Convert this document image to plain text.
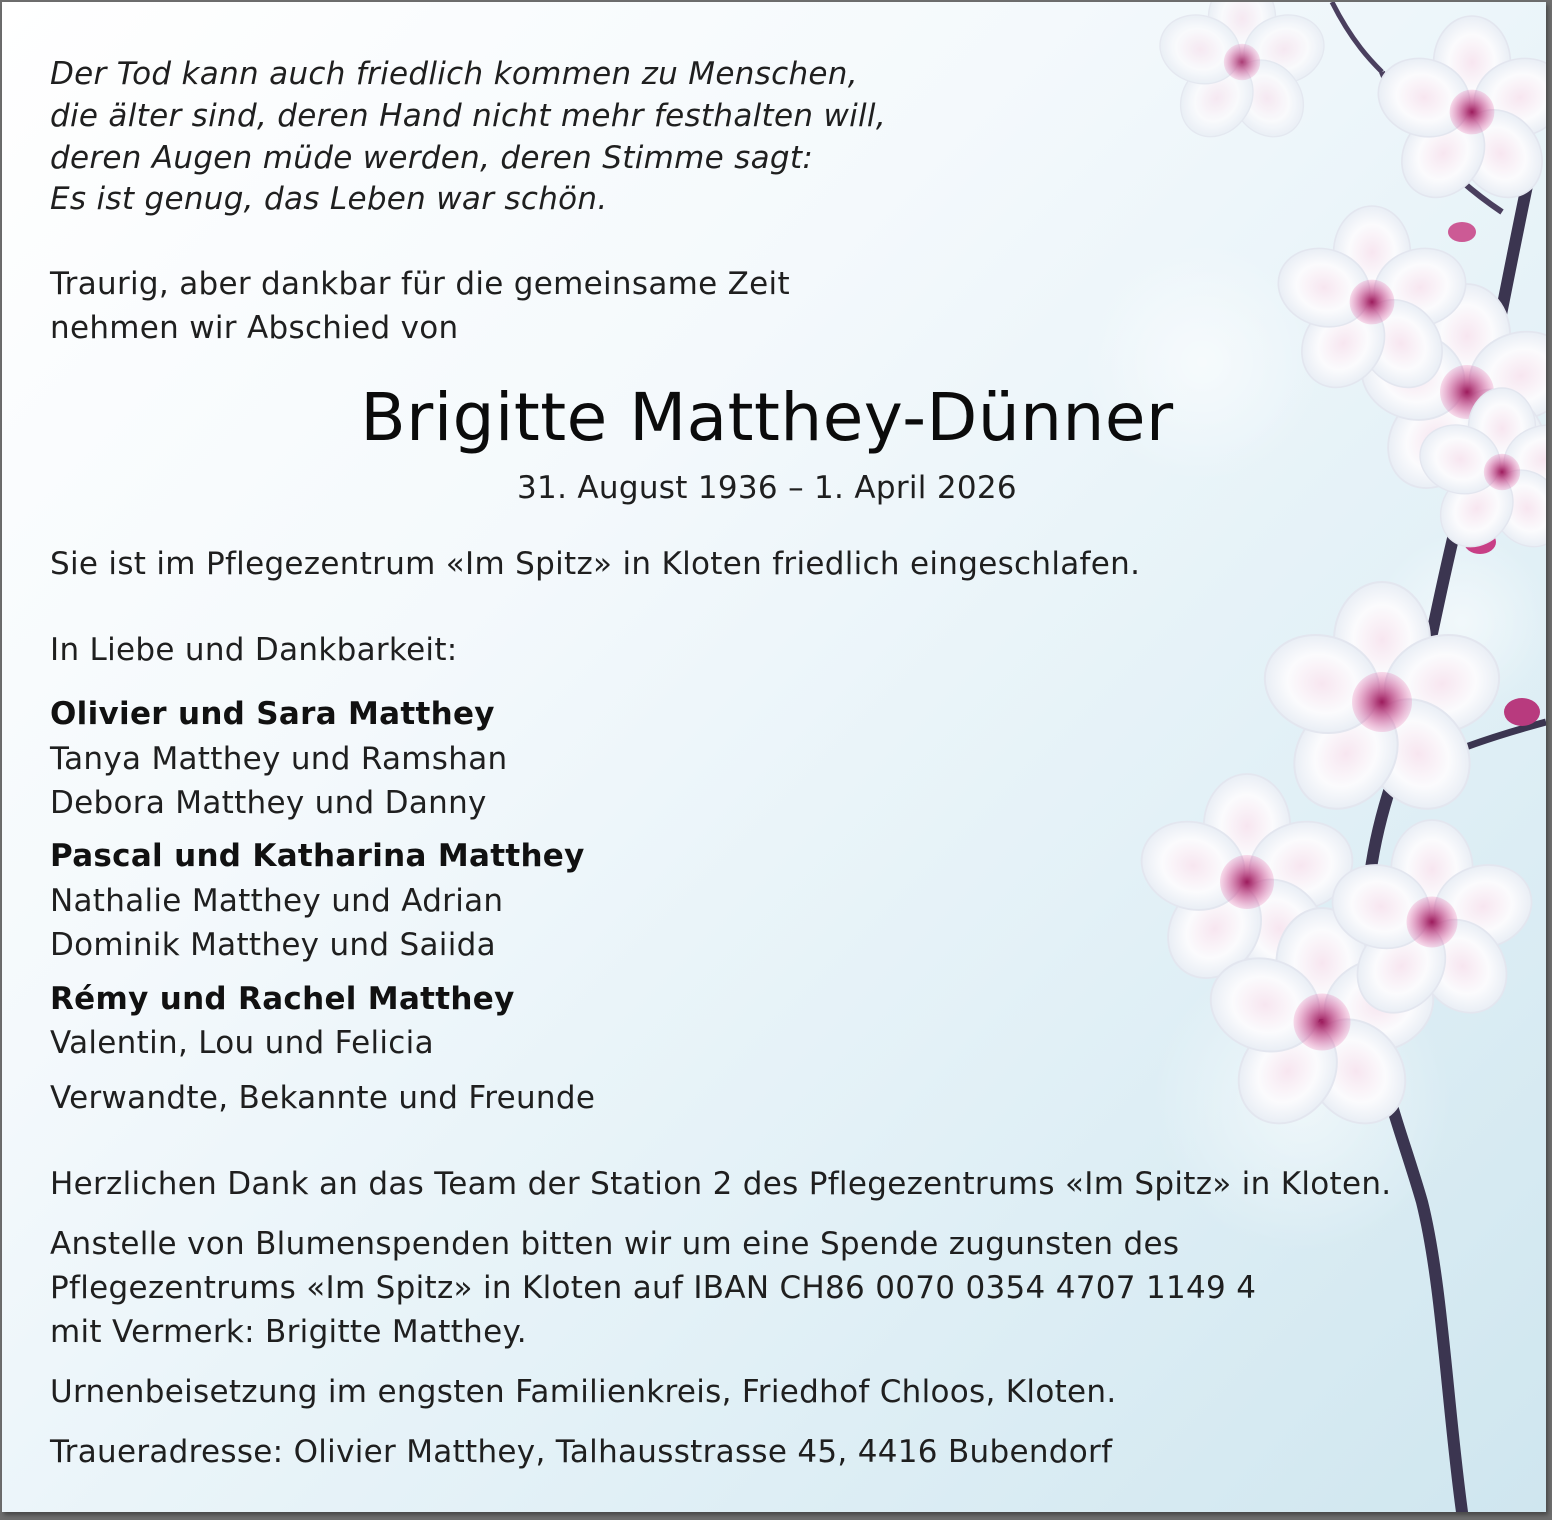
Der Tod kann auch friedlich kommen zu Menschen,
die älter sind, deren Hand nicht mehr festhalten will,
deren Augen müde werden, deren Stimme sagt:
Es ist genug, das Leben war schön.
Traurig, aber dankbar für die gemeinsame Zeit
nehmen wir Abschied von
Brigitte Matthey-Dünner
31. August 1936 – 1. April 2026
Sie ist im Pflegezentrum «Im Spitz» in Kloten friedlich eingeschlafen.
In Liebe und Dankbarkeit:
Olivier und Sara Matthey
Tanya Matthey und Ramshan
Debora Matthey und Danny
Pascal und Katharina Matthey
Nathalie Matthey und Adrian
Dominik Matthey und Saiida
Rémy und Rachel Matthey
Valentin, Lou und Felicia
Verwandte, Bekannte und Freunde
Herzlichen Dank an das Team der Station 2 des Pflegezentrums «Im Spitz» in Kloten.
Anstelle von Blumenspenden bitten wir um eine Spende zugunsten des
Pflegezentrums «Im Spitz» in Kloten auf IBAN CH86 0070 0354 4707 1149 4
mit Vermerk: Brigitte Matthey.
Urnenbeisetzung im engsten Familienkreis, Friedhof Chloos, Kloten.
Traueradresse: Olivier Matthey, Talhausstrasse 45, 4416 Bubendorf
